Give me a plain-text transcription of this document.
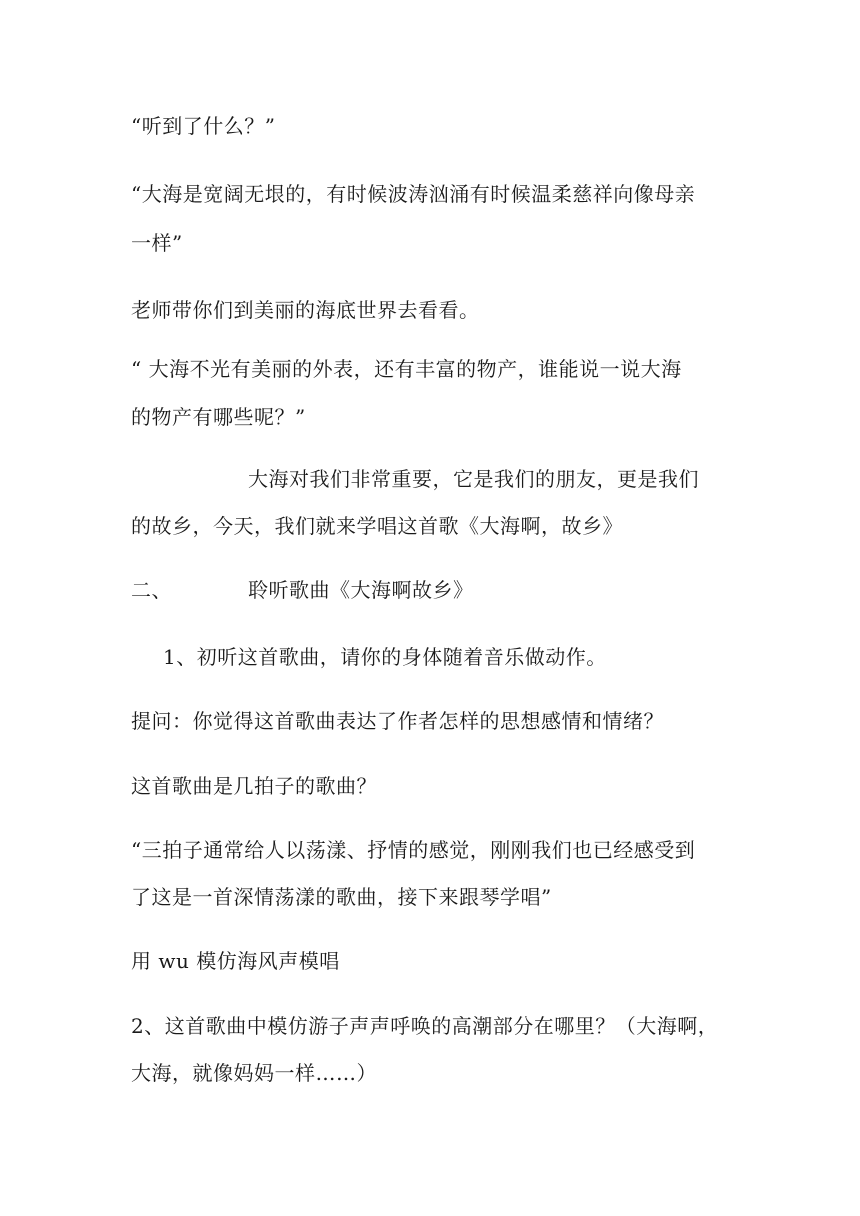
“听到了什么？”
“大海是宽阔无垠的，有时候波涛汹涌有时候温柔慈祥向像母亲
一样”
老师带你们到美丽的海底世界去看看。
“ 大海不光有美丽的外表，还有丰富的物产，谁能说一说大海
的物产有哪些呢？”
大海对我们非常重要，它是我们的朋友，更是我们
的故乡，今天，我们就来学唱这首歌《大海啊，故乡》
二、	聆听歌曲《大海啊故乡》
1、初听这首歌曲，请你的身体随着音乐做动作。
提问：你觉得这首歌曲表达了作者怎样的思想感情和情绪？
这首歌曲是几拍子的歌曲？
“三拍子通常给人以荡漾、抒情的感觉，刚刚我们也已经感受到
了这是一首深情荡漾的歌曲，接下来跟琴学唱”
用 wu 模仿海风声模唱
2、这首歌曲中模仿游子声声呼唤的高潮部分在哪里？（大海啊，
大海，就像妈妈一样……）
